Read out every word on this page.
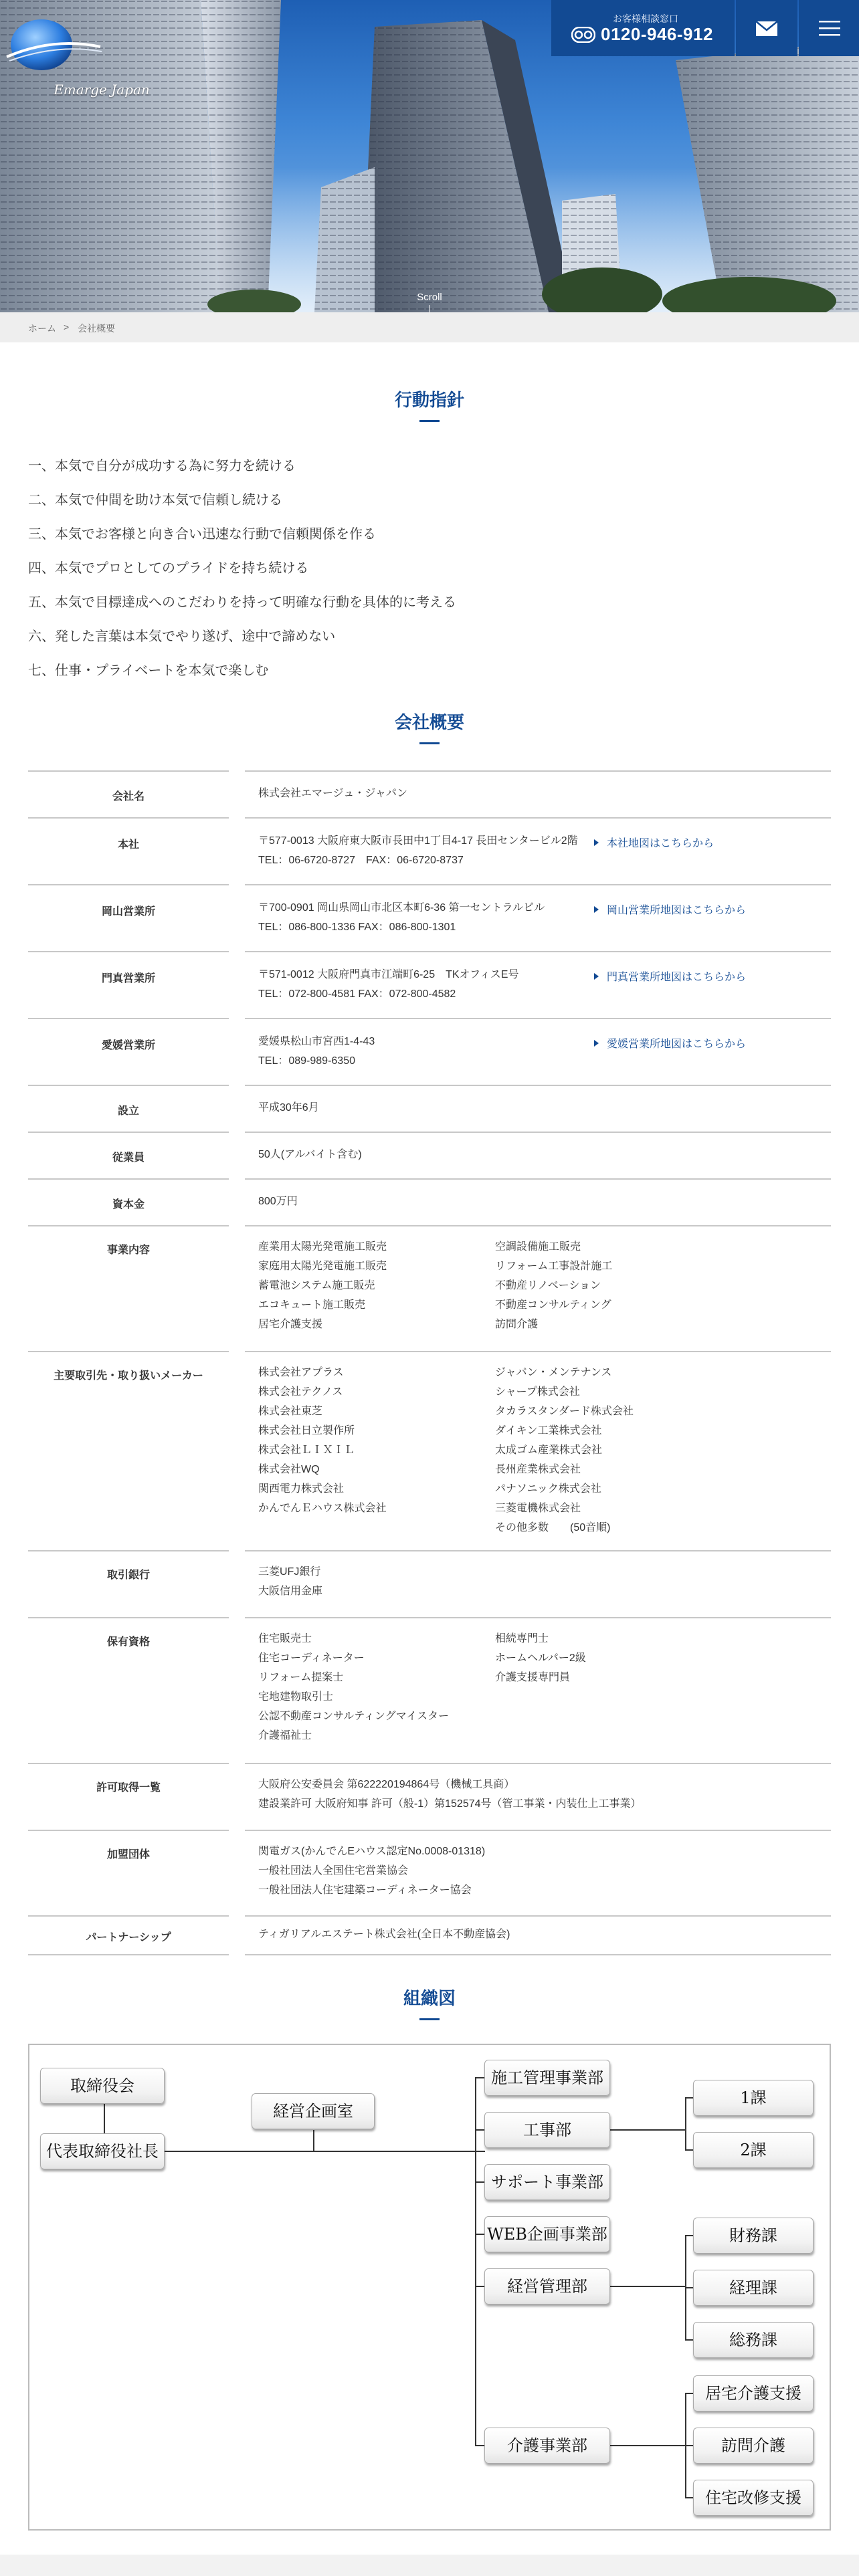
Emarge Japan
Scroll
お客様相談窓口
0120-946-912
ホーム > 会社概要
行動指針
一、本気で自分が成功する為に努力を続ける
二、本気で仲間を助け本気で信頼し続ける
三、本気でお客様と向き合い迅速な行動で信頼関係を作る
四、本気でプロとしてのプライドを持ち続ける
五、本気で目標達成へのこだわりを持って明確な行動を具体的に考える
六、発した言葉は本気でやり遂げ、途中で諦めない
七、仕事・プライベートを本気で楽しむ
会社概要
会社名	株式会社エマージュ・ジャパン
本社	〒577-0013 大阪府東大阪市長田中1丁目4-17 長田センタービル2階
TEL：06-6720-8727　FAX：06-6720-8737
本社地図はこちらから
岡山営業所	〒700-0901 岡山県岡山市北区本町6-36 第一セントラルビル
TEL：086-800-1336 FAX：086-800-1301
岡山営業所地図はこちらから
門真営業所	〒571-0012 大阪府門真市江端町6-25　TKオフィスE号
TEL：072-800-4581 FAX：072-800-4582
門真営業所地図はこちらから
愛媛営業所	愛媛県松山市宮西1-4-43
TEL：089-989-6350
愛媛営業所地図はこちらから
設立	平成30年6月
従業員	50人(アルバイト含む)
資本金	800万円
事業内容	産業用太陽光発電施工販売
家庭用太陽光発電施工販売
蓄電池システム施工販売
エコキュート施工販売
居宅介護支援
空調設備施工販売
リフォーム工事設計施工
不動産リノベーション
不動産コンサルティング
訪問介護
主要取引先・取り扱いメーカー	株式会社アプラス
株式会社テクノス
株式会社東芝
株式会社日立製作所
株式会社ＬＩＸＩＬ
株式会社WQ
関西電力株式会社
かんでんＥハウス株式会社
ジャパン・メンテナンス
シャープ株式会社
タカラスタンダード株式会社
ダイキン工業株式会社
太成ゴム産業株式会社
長州産業株式会社
パナソニック株式会社
三菱電機株式会社
その他多数　　(50音順)
取引銀行	三菱UFJ銀行
大阪信用金庫
保有資格	住宅販売士
住宅コーディネーター
リフォーム提案士
宅地建物取引士
公認不動産コンサルティングマイスター
介護福祉士
相続専門士
ホームヘルパー2級
介護支援専門員
許可取得一覧	大阪府公安委員会 第622220194864号（機械工具商）
建設業許可 大阪府知事 許可（般-1）第152574号（管工事業・内装仕上工事業）
加盟団体	関電ガス(かんでんEハウス認定No.0008-01318)
一般社団法人全国住宅営業協会
一般社団法人住宅建築コーディネーター協会
パートナーシップ	ティガリアルエステート株式会社(全日本不動産協会)
組織図
取締役会
代表取締役社長
経営企画室
施工管理事業部
工事部
サポート事業部
WEB企画事業部
経営管理部
介護事業部
1課
2課
財務課
経理課
総務課
居宅介護支援
訪問介護
住宅改修支援
